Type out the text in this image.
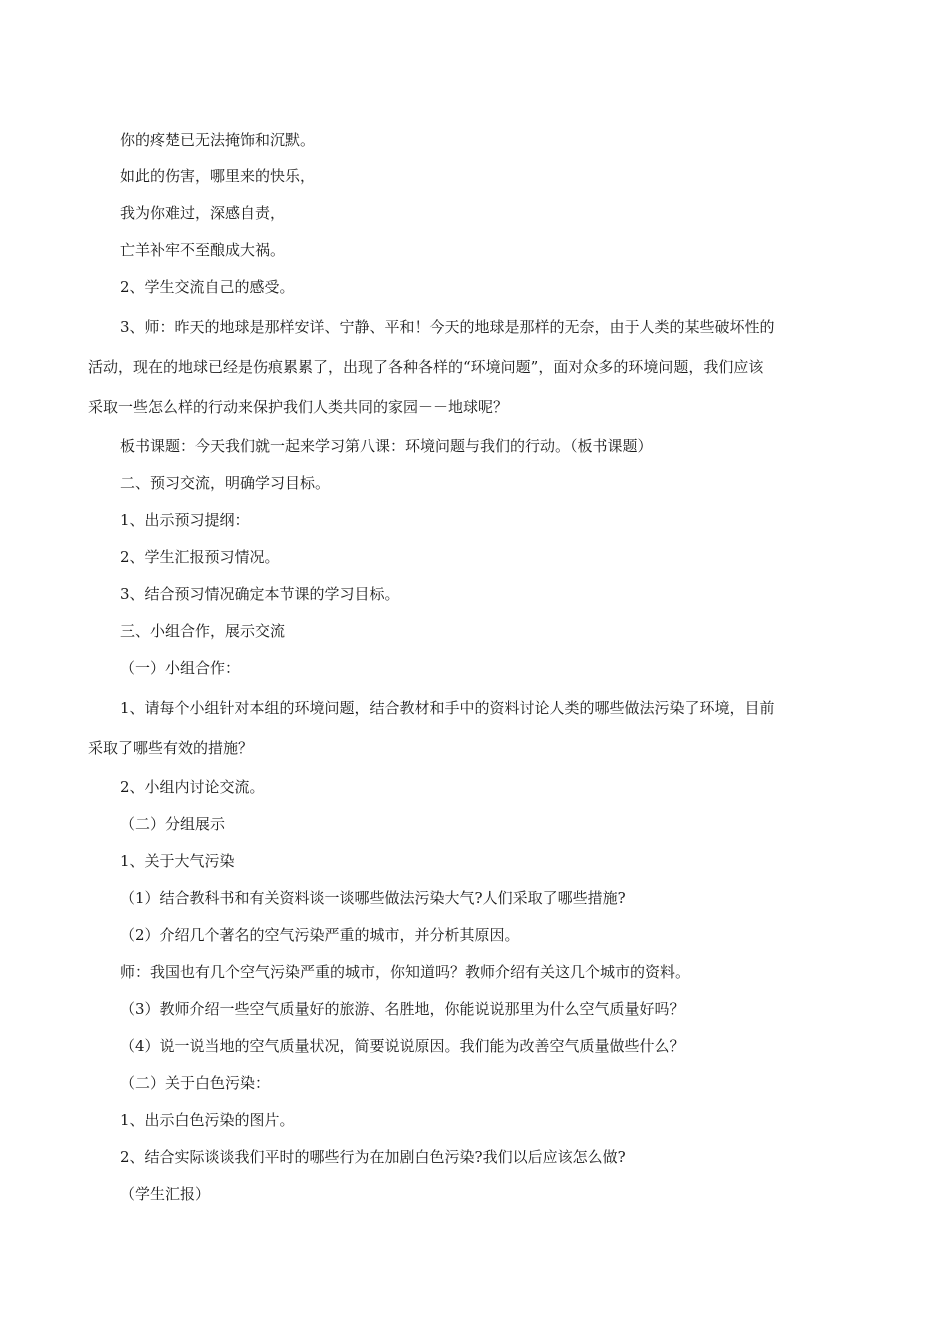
你的疼楚已无法掩饰和沉默。
如此的伤害，哪里来的快乐，
我为你难过，深感自责，
亡羊补牢不至酿成大祸。
2、学生交流自己的感受。
3、师：昨天的地球是那样安详、宁静、平和！今天的地球是那样的无奈，由于人类的某些破坏性的
活动，现在的地球已经是伤痕累累了，出现了各种各样的“环境问题”，面对众多的环境问题，我们应该
采取一些怎么样的行动来保护我们人类共同的家园－－地球呢？
板书课题：今天我们就一起来学习第八课：环境问题与我们的行动。（板书课题）
二、预习交流，明确学习目标。
1、出示预习提纲：
2、学生汇报预习情况。
3、结合预习情况确定本节课的学习目标。
三、小组合作，展示交流
（一）小组合作：
1、请每个小组针对本组的环境问题，结合教材和手中的资料讨论人类的哪些做法污染了环境，目前
采取了哪些有效的措施？
2、小组内讨论交流。
（二）分组展示
1、关于大气污染
（1）结合教科书和有关资料谈一谈哪些做法污染大气?人们采取了哪些措施?
（2）介绍几个著名的空气污染严重的城市，并分析其原因。
师：我国也有几个空气污染严重的城市，你知道吗？教师介绍有关这几个城市的资料。
（3）教师介绍一些空气质量好的旅游、名胜地，你能说说那里为什么空气质量好吗？
（4）说一说当地的空气质量状况，简要说说原因。我们能为改善空气质量做些什么？
（二）关于白色污染：
1、出示白色污染的图片。
2、结合实际谈谈我们平时的哪些行为在加剧白色污染?我们以后应该怎么做?
（学生汇报）
